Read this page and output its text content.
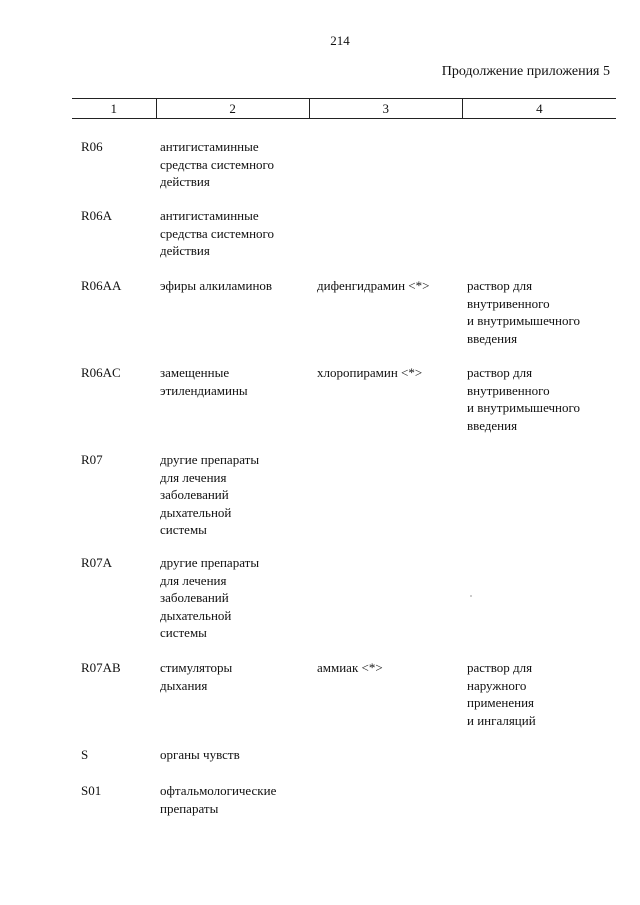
214
Продолжение приложения 5
1	2	3	4
R06	антигистаминные
средства системного
действия
R06A	антигистаминные
средства системного
действия
R06AA	эфиры алкиламинов	дифенгидрамин <*>	раствор для
внутривенного
и внутримышечного
введения
R06AC	замещенные
этилендиамины
хлоропирамин <*>	раствор для
внутривенного
и внутримышечного
введения
R07	другие препараты
для лечения
заболеваний
дыхательной
системы
R07A	другие препараты
для лечения
заболеваний
дыхательной
системы
R07AB	стимуляторы
дыхания
аммиак <*>	раствор для
наружного
применения
и ингаляций
S	органы чувств
S01	офтальмологические
препараты
